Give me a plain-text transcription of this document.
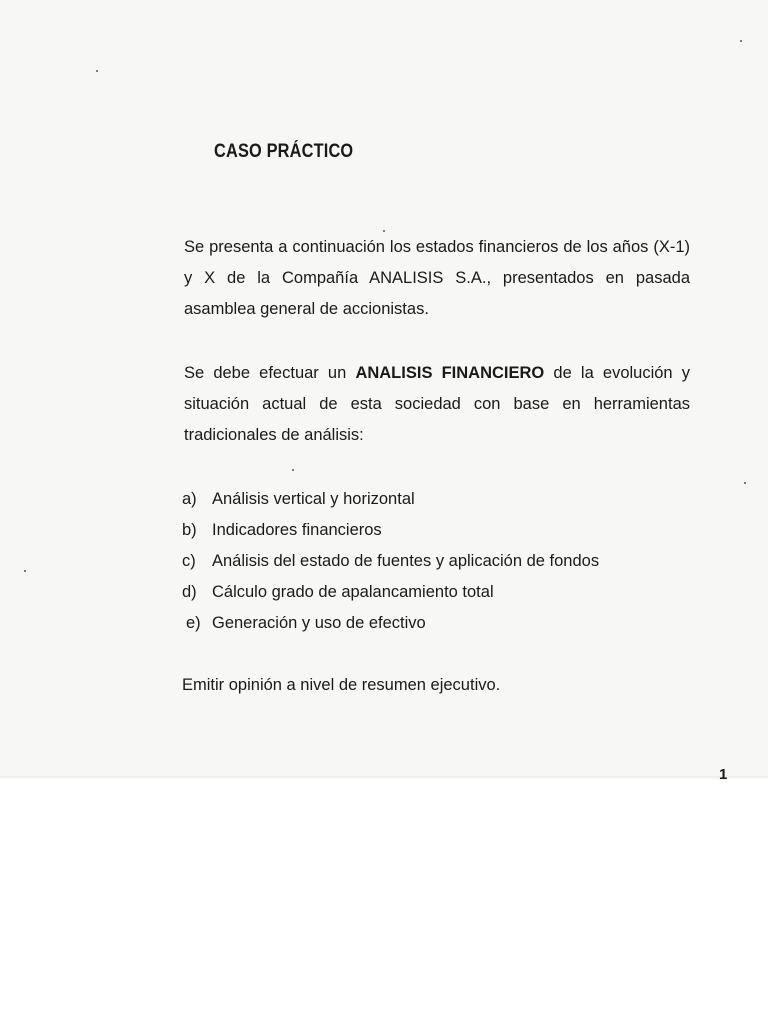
CASO PRÁCTICO

Se presenta a continuación los estados financieros de los años (X-1) y X de la Compañía ANALISIS S.A., presentados en pasada asamblea general de accionistas.

Se debe efectuar un ANALISIS FINANCIERO de la evolución y situación actual de esta sociedad con base en herramientas tradicionales de análisis:

a) Análisis vertical y horizontal
b) Indicadores financieros
c) Análisis del estado de fuentes y aplicación de fondos
d) Cálculo grado de apalancamiento total
e) Generación y uso de efectivo

Emitir opinión a nivel de resumen ejecutivo.

1
